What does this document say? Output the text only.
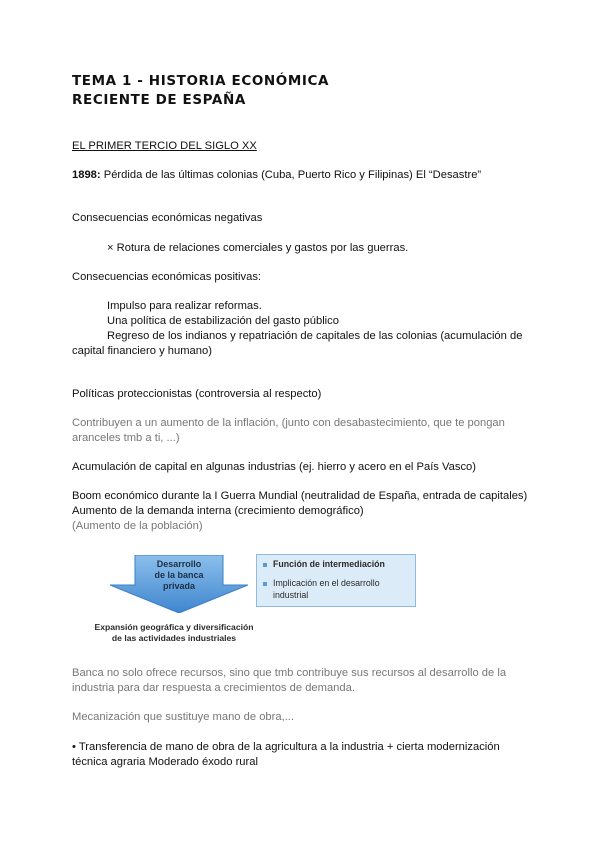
TEMA 1 - HISTORIA ECONÓMICA
RECIENTE DE ESPAÑA
EL PRIMER TERCIO DEL SIGLO XX
1898: Pérdida de las últimas colonias (Cuba, Puerto Rico y Filipinas) El “Desastre”
Consecuencias económicas negativas
× Rotura de relaciones comerciales y gastos por las guerras.
Consecuencias económicas positivas:
Impulso para realizar reformas.
Una política de estabilización del gasto público
Regreso de los indianos y repatriación de capitales de las colonias (acumulación de
capital financiero y humano)
Políticas proteccionistas (controversia al respecto)
Contribuyen a un aumento de la inflación, (junto con desabastecimiento, que te pongan
aranceles tmb a ti, ...)
Acumulación de capital en algunas industrias (ej. hierro y acero en el País Vasco)
Boom económico durante la I Guerra Mundial (neutralidad de España, entrada de capitales)
Aumento de la demanda interna (crecimiento demográfico)
(Aumento de la población)
Desarrollo
de la banca
privada
Función de intermediación
Implicación en el desarrollo
industrial
Expansión geográfica y diversificación
de las actividades industriales
Banca no solo ofrece recursos, sino que tmb contribuye sus recursos al desarrollo de la
industria para dar respuesta a crecimientos de demanda.
Mecanización que sustituye mano de obra,...
• Transferencia de mano de obra de la agricultura a la industria + cierta modernización
técnica agraria Moderado éxodo rural
